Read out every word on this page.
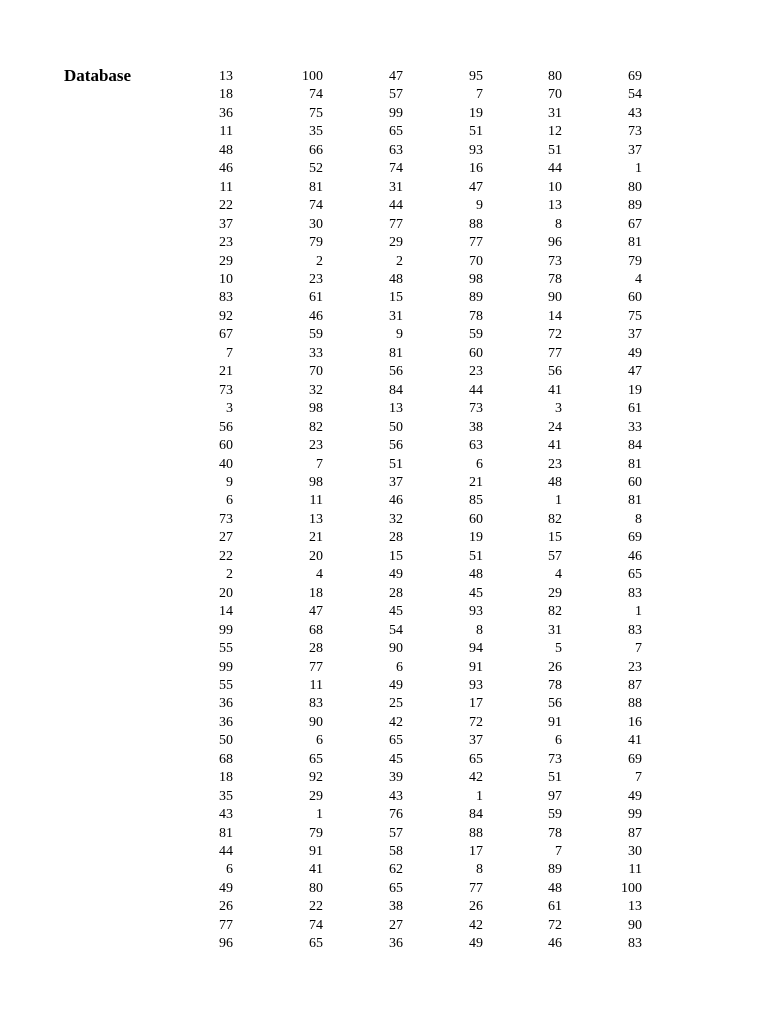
Database	13	100	47	95	80	69
18	74	57	7	70	54
36	75	99	19	31	43
11	35	65	51	12	73
48	66	63	93	51	37
46	52	74	16	44	1
11	81	31	47	10	80
22	74	44	9	13	89
37	30	77	88	8	67
23	79	29	77	96	81
29	2	2	70	73	79
10	23	48	98	78	4
83	61	15	89	90	60
92	46	31	78	14	75
67	59	9	59	72	37
7	33	81	60	77	49
21	70	56	23	56	47
73	32	84	44	41	19
3	98	13	73	3	61
56	82	50	38	24	33
60	23	56	63	41	84
40	7	51	6	23	81
9	98	37	21	48	60
6	11	46	85	1	81
73	13	32	60	82	8
27	21	28	19	15	69
22	20	15	51	57	46
2	4	49	48	4	65
20	18	28	45	29	83
14	47	45	93	82	1
99	68	54	8	31	83
55	28	90	94	5	7
99	77	6	91	26	23
55	11	49	93	78	87
36	83	25	17	56	88
36	90	42	72	91	16
50	6	65	37	6	41
68	65	45	65	73	69
18	92	39	42	51	7
35	29	43	1	97	49
43	1	76	84	59	99
81	79	57	88	78	87
44	91	58	17	7	30
6	41	62	8	89	11
49	80	65	77	48	100
26	22	38	26	61	13
77	74	27	42	72	90
96	65	36	49	46	83
